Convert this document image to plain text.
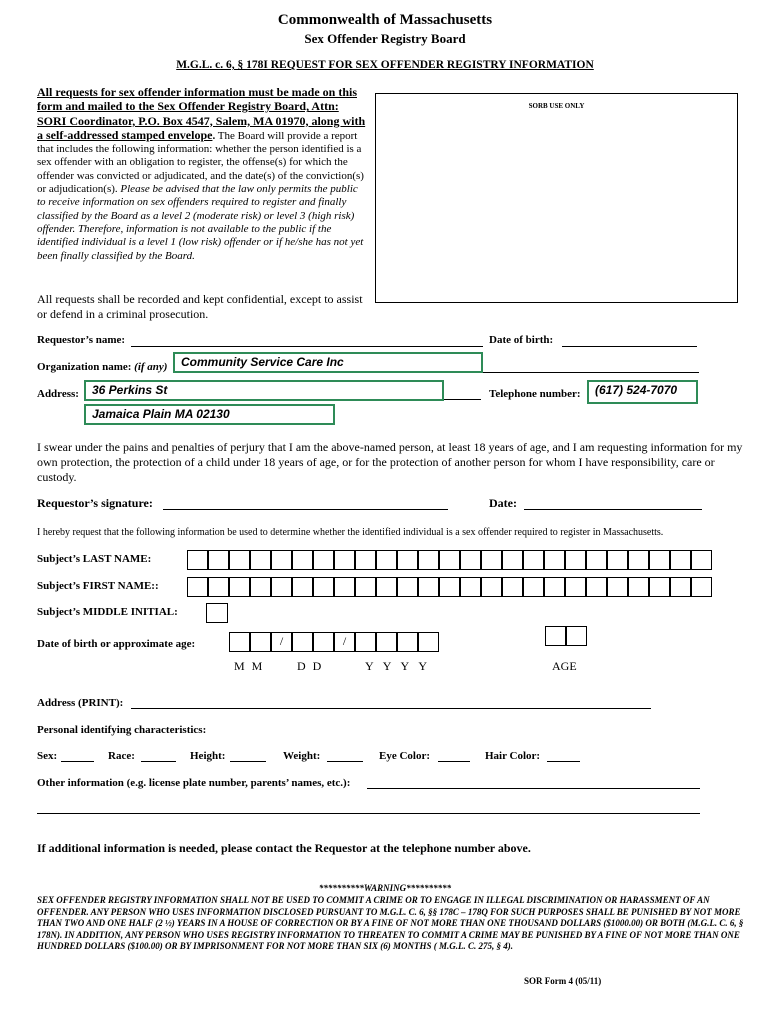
Commonwealth of Massachusetts
Sex Offender Registry Board
M.G.L. c. 6, § 178I REQUEST FOR SEX OFFENDER REGISTRY INFORMATION
All requests for sex offender information must be made on this form and mailed to the Sex Offender Registry Board, Attn: SORI Coordinator, P.O. Box 4547, Salem, MA 01970, along with a self-addressed stamped envelope. The Board will provide a report that includes the following information: whether the person identified is a sex offender with an obligation to register, the offense(s) for which the offender was convicted or adjudicated, and the date(s) of the conviction(s) or adjudication(s). Please be advised that the law only permits the public to receive information on sex offenders required to register and finally classified by the Board as a level 2 (moderate risk) or level 3 (high risk) offender. Therefore, information is not available to the public if the identified individual is a level 1 (low risk) offender or if he/she has not yet been finally classified by the Board.
All requests shall be recorded and kept confidential, except to assist or defend in a criminal prosecution.
SORB USE ONLY
Requestor’s name:	Date of birth:
Organization name: (if any)	Community Service Care Inc
Address:	36 Perkins St
Jamaica Plain MA 02130
Telephone number:	(617) 524-7070
I swear under the pains and penalties of perjury that I am the above-named person, at least 18 years of age, and I am requesting information for my own protection, the protection of a child under 18 years of age, or for the protection of another person for whom I have responsibility, care or custody.
Requestor’s signature:	Date:
I hereby request that the following information be used to determine whether the identified individual is a sex offender required to register in Massachusetts.
Subject’s LAST NAME:
Subject’s FIRST NAME::
Subject’s MIDDLE INITIAL:
Date of birth or approximate age:	/	/
M M	D D	Y Y Y Y	AGE
Address (PRINT):
Personal identifying characteristics:
Sex:	Race:	Height:	Weight:	Eye Color:	Hair Color:
Other information (e.g. license plate number, parents’ names, etc.):
If additional information is needed, please contact the Requestor at the telephone number above.
**********WARNING**********
SEX OFFENDER REGISTRY INFORMATION SHALL NOT BE USED TO COMMIT A CRIME OR TO ENGAGE IN ILLEGAL DISCRIMINATION OR HARASSMENT OF AN OFFENDER. ANY PERSON WHO USES INFORMATION DISCLOSED PURSUANT TO M.G.L. C. 6, §§ 178C – 178Q FOR SUCH PURPOSES SHALL BE PUNISHED BY NOT MORE THAN TWO AND ONE HALF (2 ½) YEARS IN A HOUSE OF CORRECTION OR BY A FINE OF NOT MORE THAN ONE THOUSAND DOLLARS ($1000.00) OR BOTH (M.G.L. C. 6, § 178N). IN ADDITION, ANY PERSON WHO USES REGISTRY INFORMATION TO THREATEN TO COMMIT A CRIME MAY BE PUNISHED BY A FINE OF NOT MORE THAN ONE HUNDRED DOLLARS ($100.00) OR BY IMPRISONMENT FOR NOT MORE THAN SIX (6) MONTHS ( M.G.L. C. 275, § 4).
SOR Form 4 (05/11)
